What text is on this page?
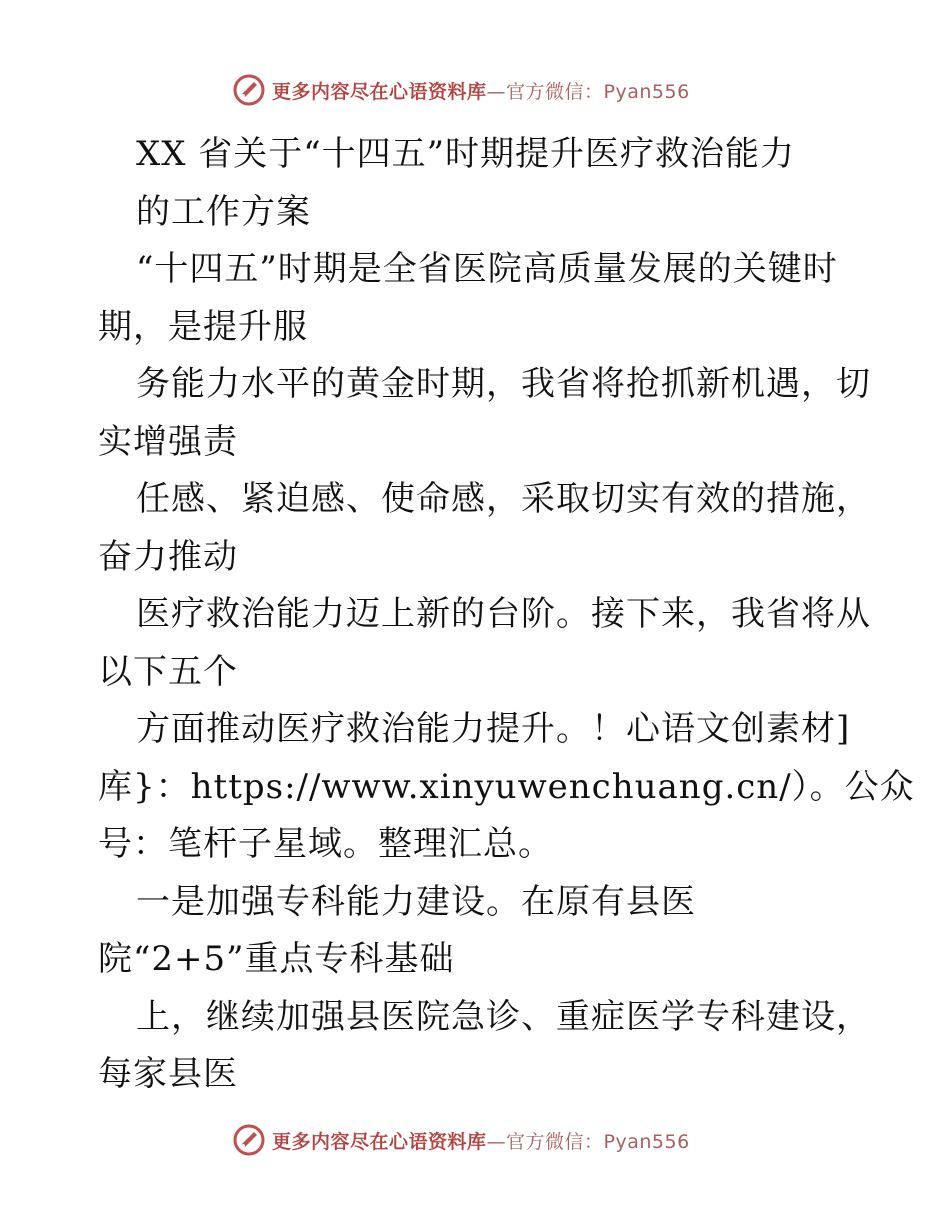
更多内容尽在心语资料库—官方微信：Pyan556
XX 省关于“十四五”时期提升医疗救治能力
的工作方案
“十四五”时期是全省医院高质量发展的关键时
期，是提升服
务能力水平的黄金时期，我省将抢抓新机遇，切
实增强责
任感、紧迫感、使命感，采取切实有效的措施，
奋力推动
医疗救治能力迈上新的台阶。接下来，我省将从
以下五个
方面推动医疗救治能力提升。！心语文创素材]
库}：https://www.xinyuwenchuang.cn/）。公众
号：笔杆子星域。整理汇总。
一是加强专科能力建设。在原有县医
院“2+5”重点专科基础
上，继续加强县医院急诊、重症医学专科建设，
每家县医
更多内容尽在心语资料库—官方微信：Pyan556
